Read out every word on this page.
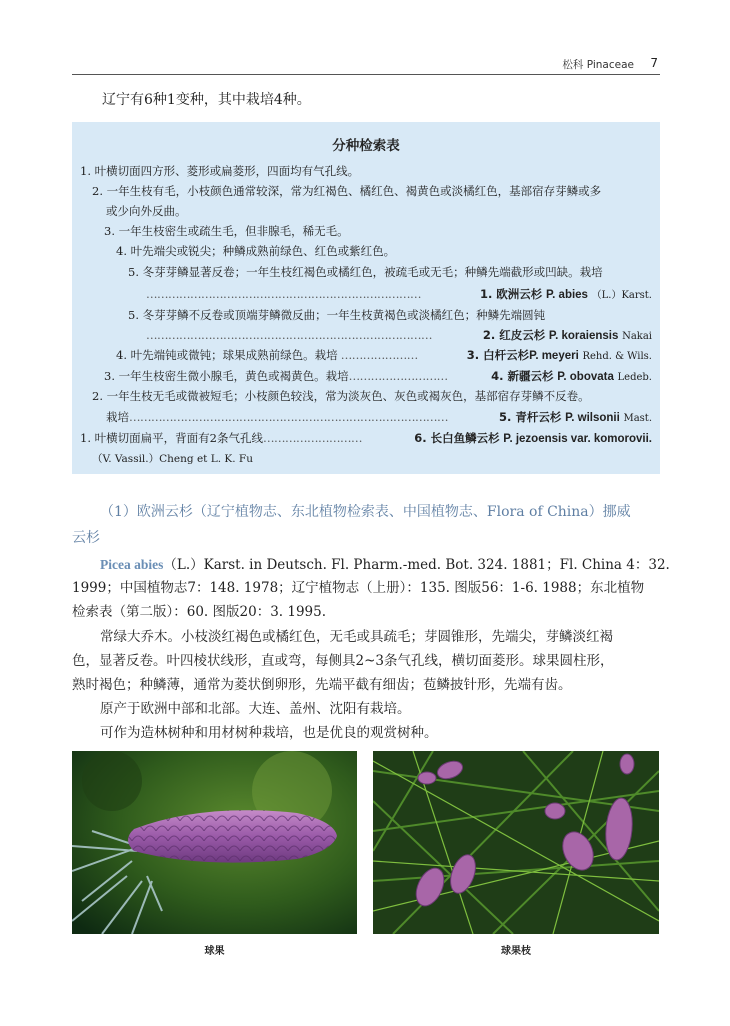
松科 Pinaceae 7
辽宁有6种1变种，其中栽培4种。
分种检索表
1. 叶横切面四方形、菱形或扁菱形，四面均有气孔线。
2. 一年生枝有毛，小枝颜色通常较深，常为红褐色、橘红色、褐黄色或淡橘红色，基部宿存芽鳞或多
或少向外反曲。
3. 一年生枝密生或疏生毛，但非腺毛，稀无毛。
4. 叶先端尖或锐尖；种鳞成熟前绿色、红色或紫红色。
5. 冬芽芽鳞显著反卷；一年生枝红褐色或橘红色，被疏毛或无毛；种鳞先端截形或凹缺。栽培
…………………………………………………………………	1. 欧洲云杉 P. abies （L.）Karst.
5. 冬芽芽鳞不反卷或顶端芽鳞微反曲；一年生枝黄褐色或淡橘红色；种鳞先端圆钝
……………………………………………………………………	2. 红皮云杉 P. koraiensis Nakai
4. 叶先端钝或微钝；球果成熟前绿色。栽培 …………………	3. 白杆云杉P. meyeri Rehd. & Wils.
3. 一年生枝密生微小腺毛，黄色或褐黄色。栽培………………………	4. 新疆云杉 P. obovata Ledeb.
2. 一年生枝无毛或微被短毛；小枝颜色较浅，常为淡灰色、灰色或褐灰色，基部宿存芽鳞不反卷。
栽培……………………………………………………………………………	5. 青杆云杉 P. wilsonii Mast.
1. 叶横切面扁平，背面有2条气孔线………………………	6. 长白鱼鳞云杉 P. jezoensis var. komorovii.
（V. Vassil.）Cheng et L. K. Fu
（1）欧洲云杉（辽宁植物志、东北植物检索表、中国植物志、Flora of China）挪威
云杉
Picea abies（L.）Karst. in Deutsch. Fl. Pharm.-med. Bot. 324. 1881；Fl. China 4：32.
1999；中国植物志7：148. 1978；辽宁植物志（上册）：135. 图版56：1-6. 1988；东北植物
检索表（第二版）：60. 图版20：3. 1995.
常绿大乔木。小枝淡红褐色或橘红色，无毛或具疏毛；芽圆锥形，先端尖，芽鳞淡红褐
色，显著反卷。叶四棱状线形，直或弯，每侧具2~3条气孔线，横切面菱形。球果圆柱形，
熟时褐色；种鳞薄，通常为菱状倒卵形，先端平截有细齿；苞鳞披针形，先端有齿。
原产于欧洲中部和北部。大连、盖州、沈阳有栽培。
可作为造林树种和用材树种栽培，也是优良的观赏树种。
球果	球果枝
